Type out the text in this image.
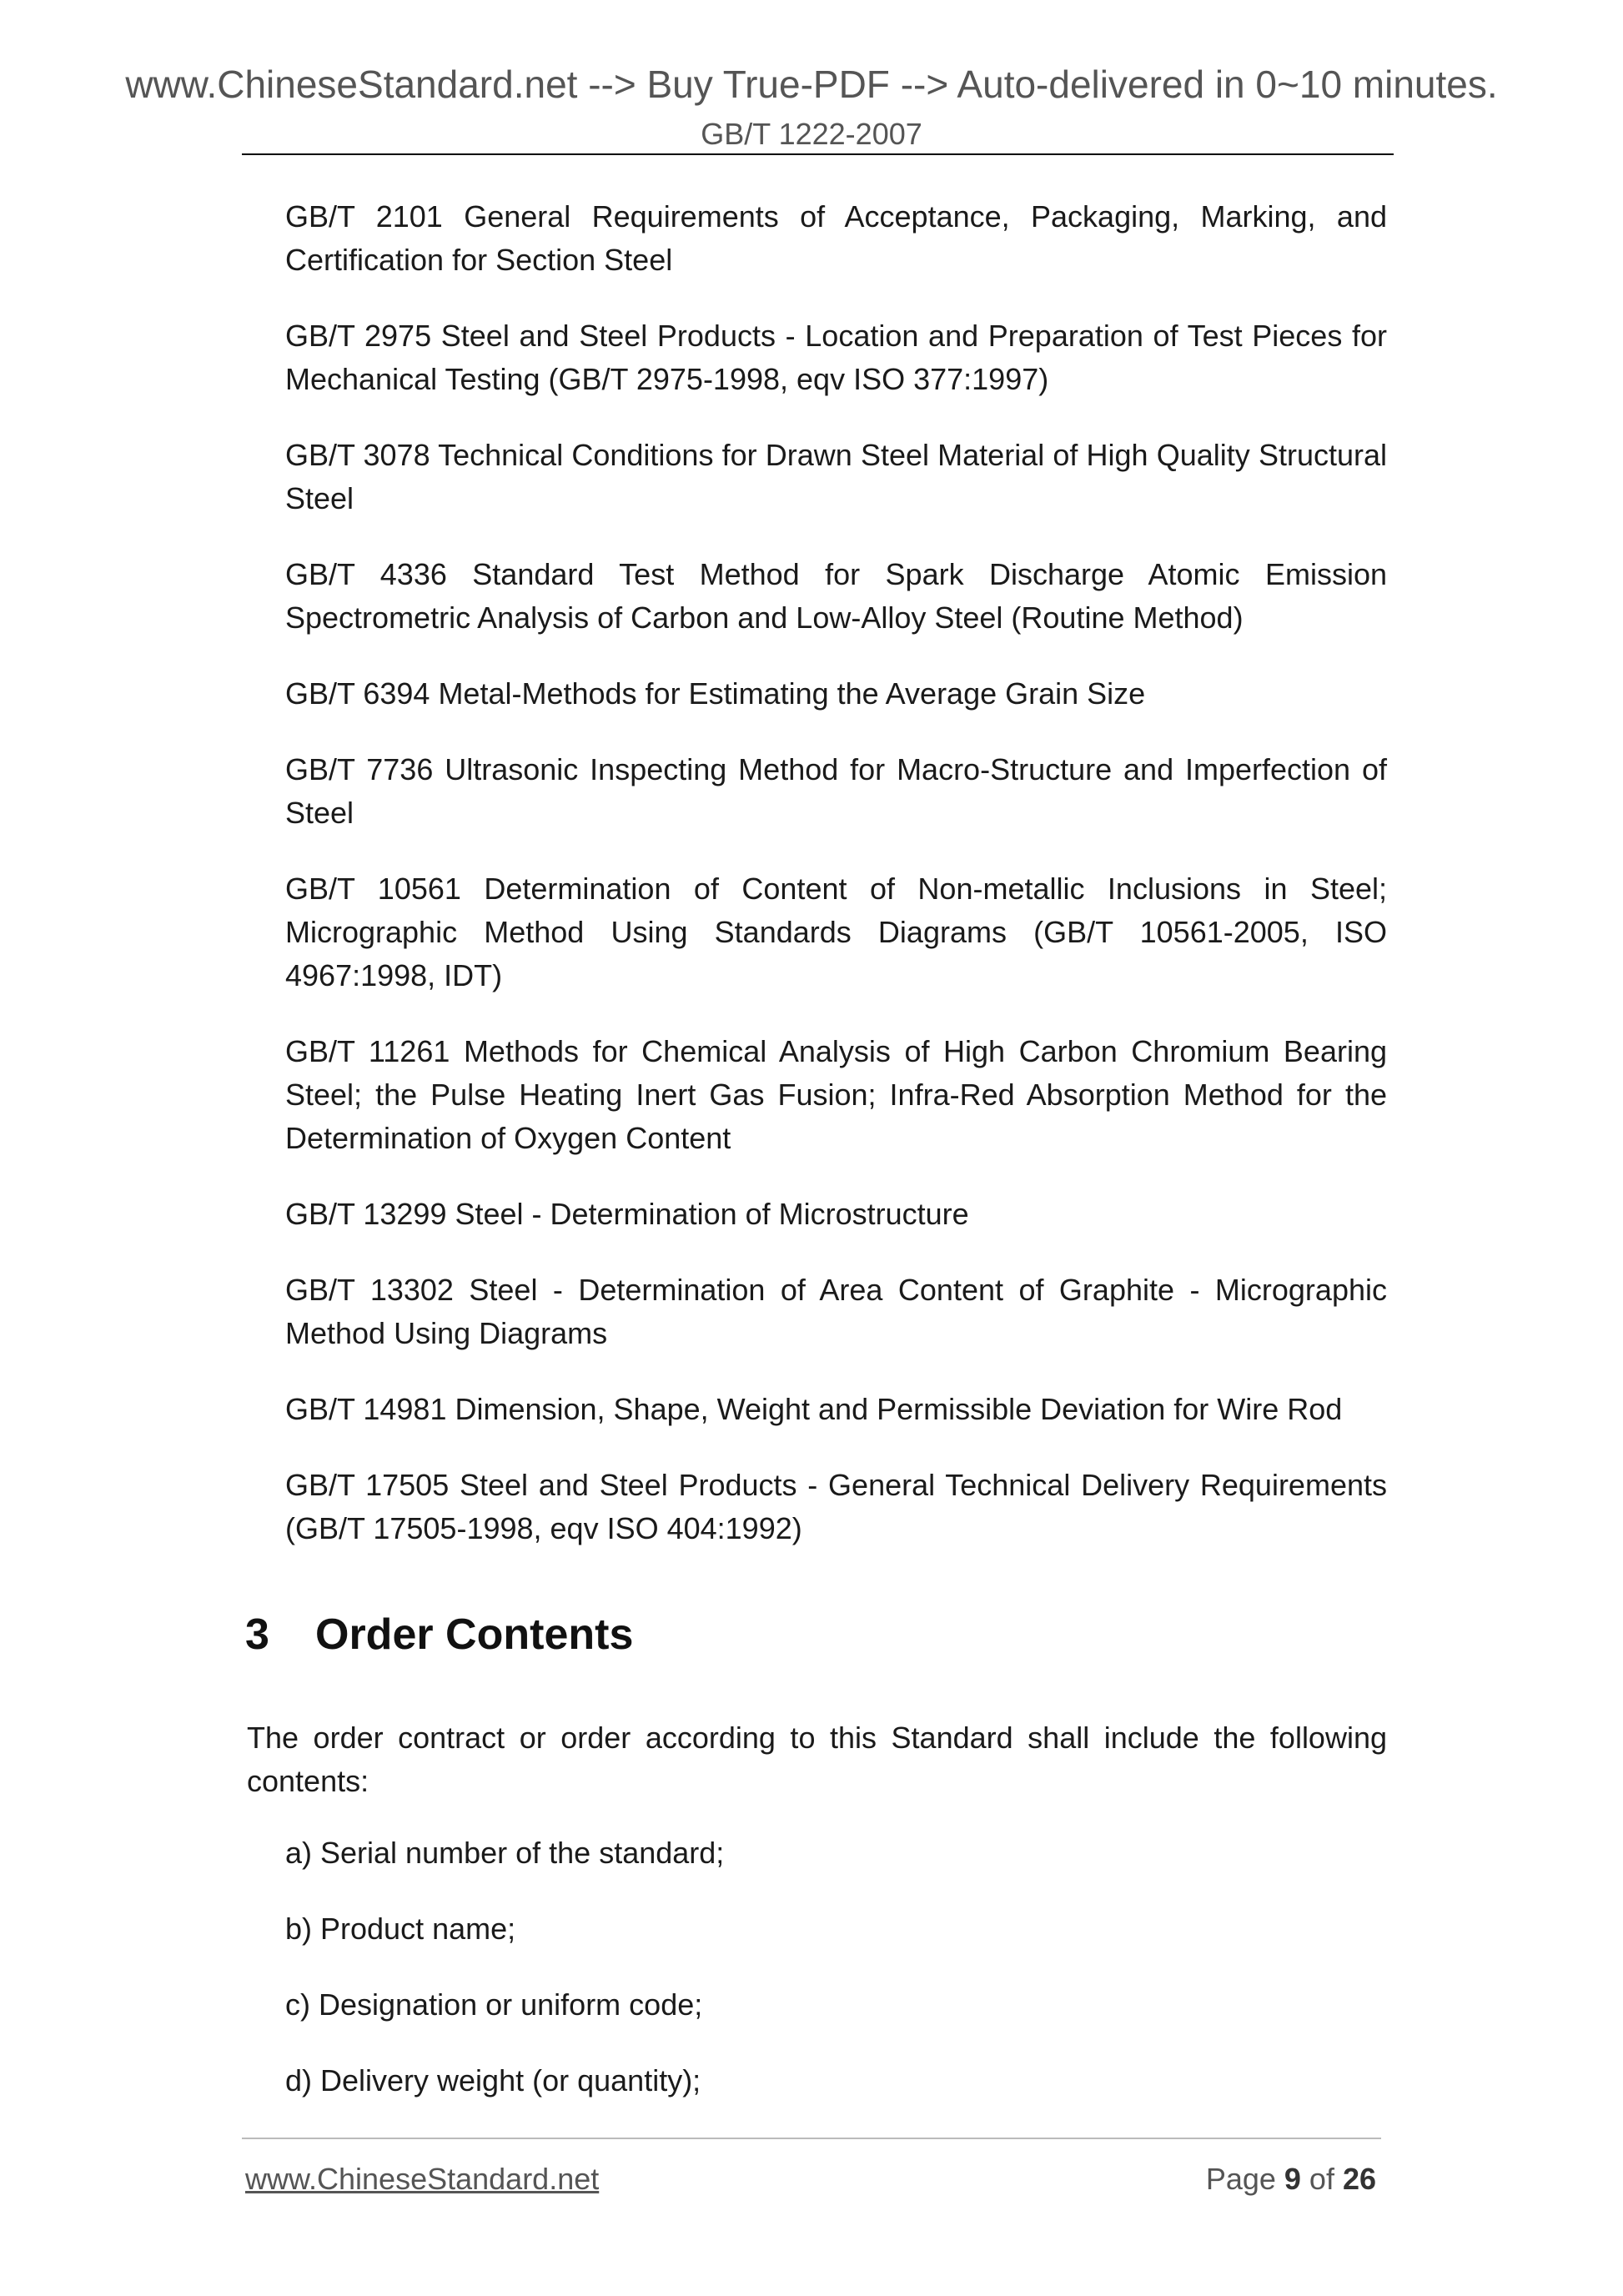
www.ChineseStandard.net --> Buy True-PDF --> Auto-delivered in 0~10 minutes.
GB/T 1222-2007

GB/T 2101 General Requirements of Acceptance, Packaging, Marking, and Certification for Section Steel

GB/T 2975 Steel and Steel Products - Location and Preparation of Test Pieces for Mechanical Testing (GB/T 2975-1998, eqv ISO 377:1997)

GB/T 3078 Technical Conditions for Drawn Steel Material of High Quality Structural Steel

GB/T 4336 Standard Test Method for Spark Discharge Atomic Emission Spectrometric Analysis of Carbon and Low-Alloy Steel (Routine Method)

GB/T 6394 Metal-Methods for Estimating the Average Grain Size

GB/T 7736 Ultrasonic Inspecting Method for Macro-Structure and Imperfection of Steel

GB/T 10561 Determination of Content of Non-metallic Inclusions in Steel; Micrographic Method Using Standards Diagrams (GB/T 10561-2005, ISO 4967:1998, IDT)

GB/T 11261 Methods for Chemical Analysis of High Carbon Chromium Bearing Steel; the Pulse Heating Inert Gas Fusion; Infra-Red Absorption Method for the Determination of Oxygen Content

GB/T 13299 Steel - Determination of Microstructure

GB/T 13302 Steel - Determination of Area Content of Graphite - Micrographic Method Using Diagrams

GB/T 14981 Dimension, Shape, Weight and Permissible Deviation for Wire Rod

GB/T 17505 Steel and Steel Products - General Technical Delivery Requirements (GB/T 17505-1998, eqv ISO 404:1992)

3 Order Contents

The order contract or order according to this Standard shall include the following contents:

a) Serial number of the standard;

b) Product name;

c) Designation or uniform code;

d) Delivery weight (or quantity);

www.ChineseStandard.net	Page 9 of 26
